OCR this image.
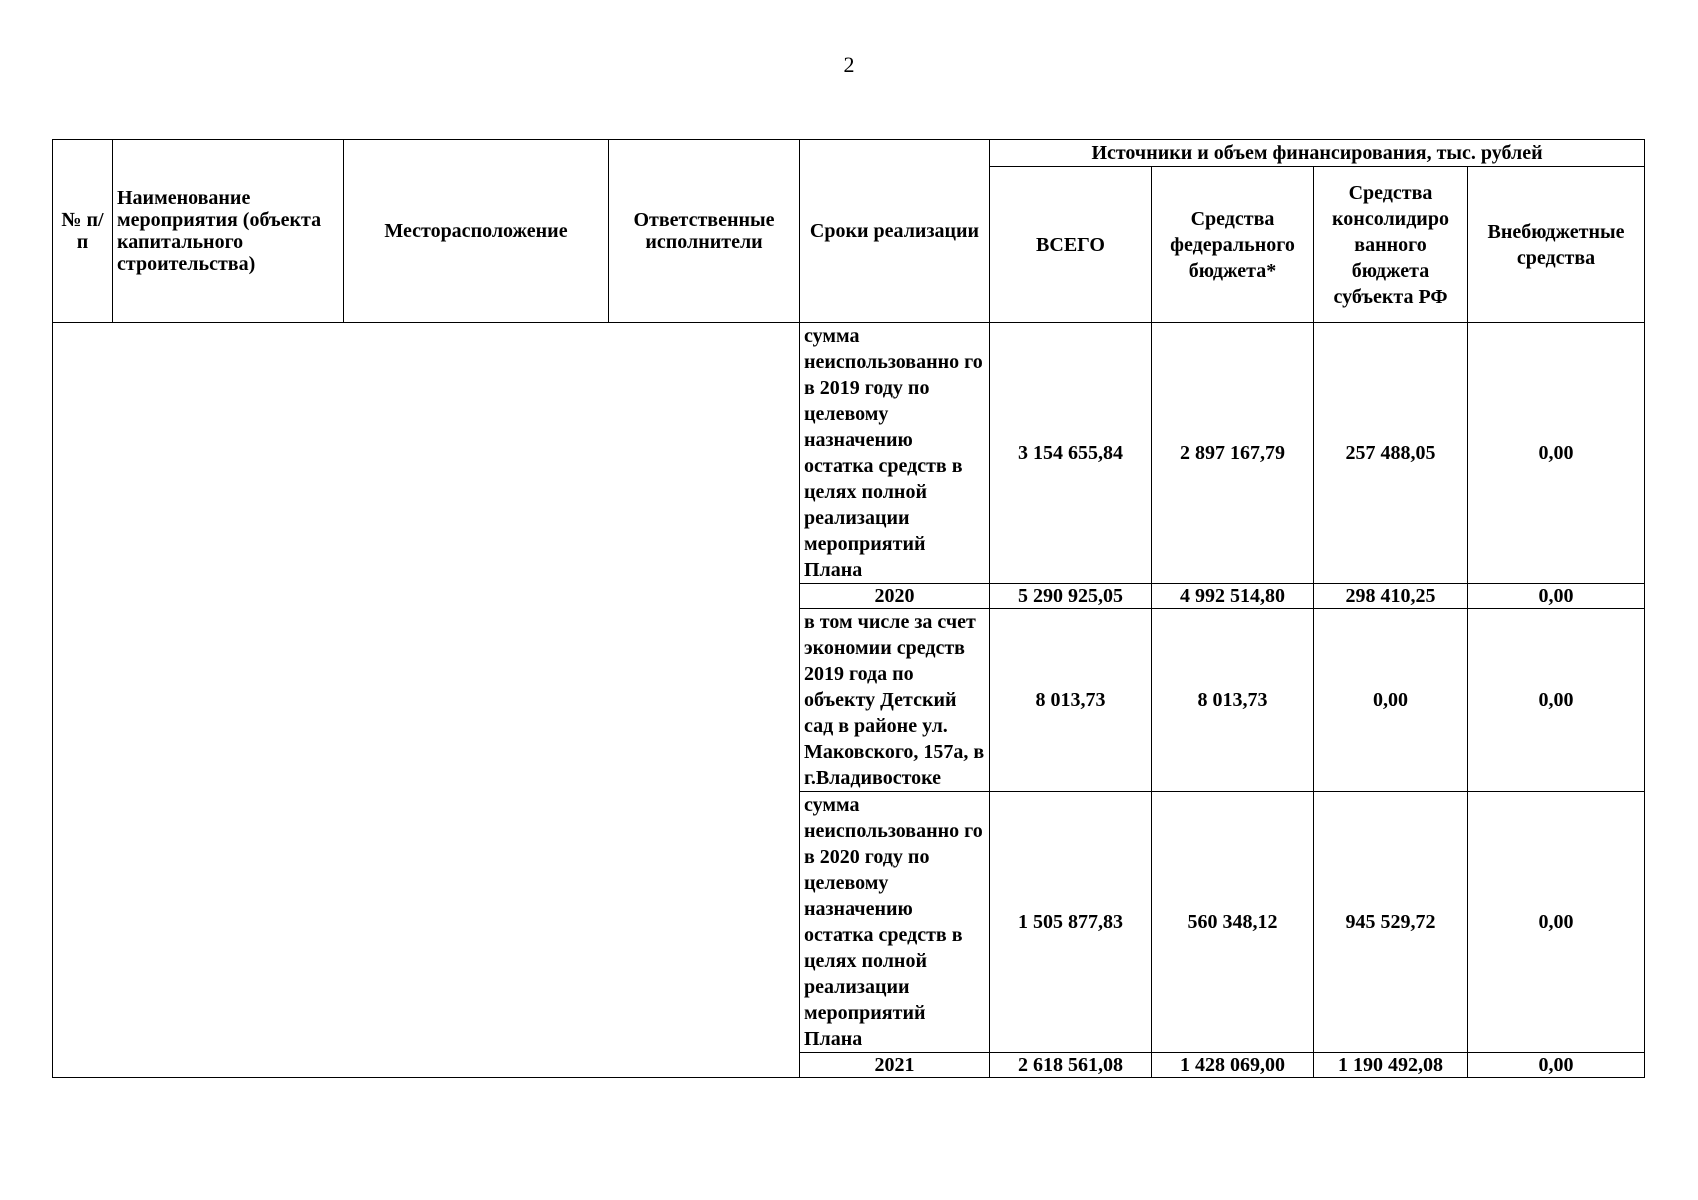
2
№ п/п	Наименование мероприятия (объекта капитального строительства)	Месторасположение	Ответственные исполнители	Сроки реализации	Источники и объем финансирования, тыс. рублей			
					ВСЕГО	Средства федерального бюджета*	Средства консолидиро ванного бюджета субъекта РФ	Внебюджетные средства
				сумма неиспользованно го в 2019 году по целевому назначению остатка средств в целях полной реализации мероприятий Плана	3 154 655,84	2 897 167,79	257 488,05	0,00
				2020	5 290 925,05	4 992 514,80	298 410,25	0,00
				в том числе за счет экономии средств 2019 года по объекту Детский сад в районе ул. Маковского, 157а, в г.Владивостоке	8 013,73	8 013,73	0,00	0,00
				сумма неиспользованно го в 2020 году по целевому назначению остатка средств в целях полной реализации мероприятий Плана	1 505 877,83	560 348,12	945 529,72	0,00
				2021	2 618 561,08	1 428 069,00	1 190 492,08	0,00
